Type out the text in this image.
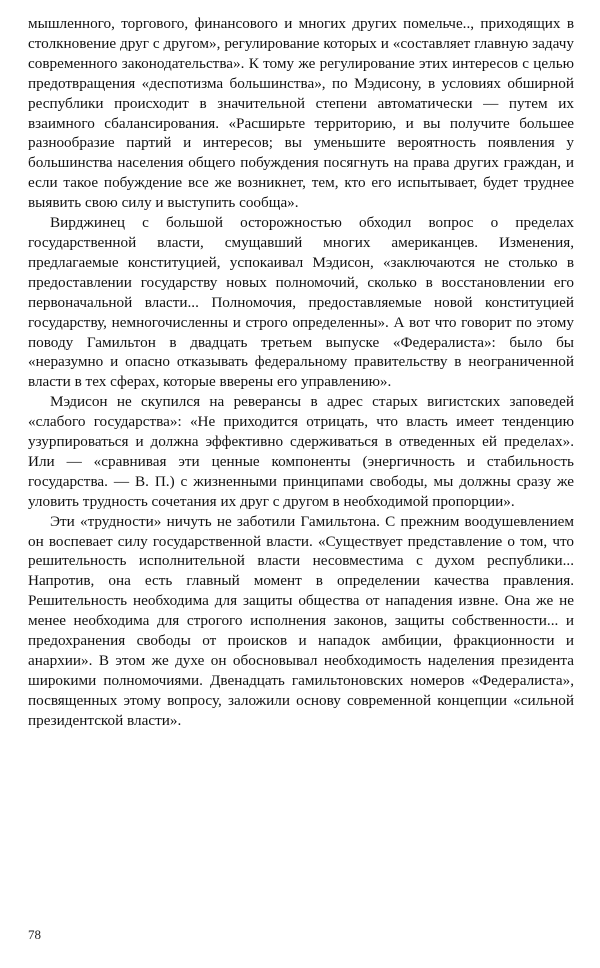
мышленного, торгового, финансового и многих других помельче.., приходящих в столкновение друг с другом», регулирование которых и «составляет главную задачу современного законодательства». К тому же регулирование этих интересов с целью предотвращения «деспотизма большинства», по Мэдисону, в условиях обширной республики происходит в значительной степени автоматически — путем их взаимного сбалансирования. «Расширьте территорию, и вы получите большее разнообразие партий и интересов; вы уменьшите вероятность появления у большинства населения общего побуждения посягнуть на права других граждан, и если такое побуждение все же возникнет, тем, кто его испытывает, будет труднее выявить свою силу и выступить сообща».

Вирджинец с большой осторожностью обходил вопрос о пределах государственной власти, смущавший многих американцев. Изменения, предлагаемые конституцией, успокаивал Мэдисон, «заключаются не столько в предоставлении государству новых полномочий, сколько в восстановлении его первоначальной власти... Полномочия, предоставляемые новой конституцией государству, немногочисленны и строго определенны». А вот что говорит по этому поводу Гамильтон в двадцать третьем выпуске «Федералиста»: было бы «неразумно и опасно отказывать федеральному правительству в неограниченной власти в тех сферах, которые вверены его управлению».

Мэдисон не скупился на реверансы в адрес старых вигистских заповедей «слабого государства»: «Не приходится отрицать, что власть имеет тенденцию узурпироваться и должна эффективно сдерживаться в отведенных ей пределах». Или — «сравнивая эти ценные компоненты (энергичность и стабильность государства. — В. П.) с жизненными принципами свободы, мы должны сразу же уловить трудность сочетания их друг с другом в необходимой пропорции».

Эти «трудности» ничуть не заботили Гамильтона. С прежним воодушевлением он воспевает силу государственной власти. «Существует представление о том, что решительность исполнительной власти несовместима с духом республики... Напротив, она есть главный момент в определении качества правления. Решительность необходима для защиты общества от нападения извне. Она же не менее необходима для строгого исполнения законов, защиты собственности... и предохранения свободы от происков и нападок амбиции, фракционности и анархии». В этом же духе он обосновывал необходимость наделения президента широкими полномочиями. Двенадцать гамильтоновских номеров «Федералиста», посвященных этому вопросу, заложили основу современной концепции «сильной президентской власти».

78
